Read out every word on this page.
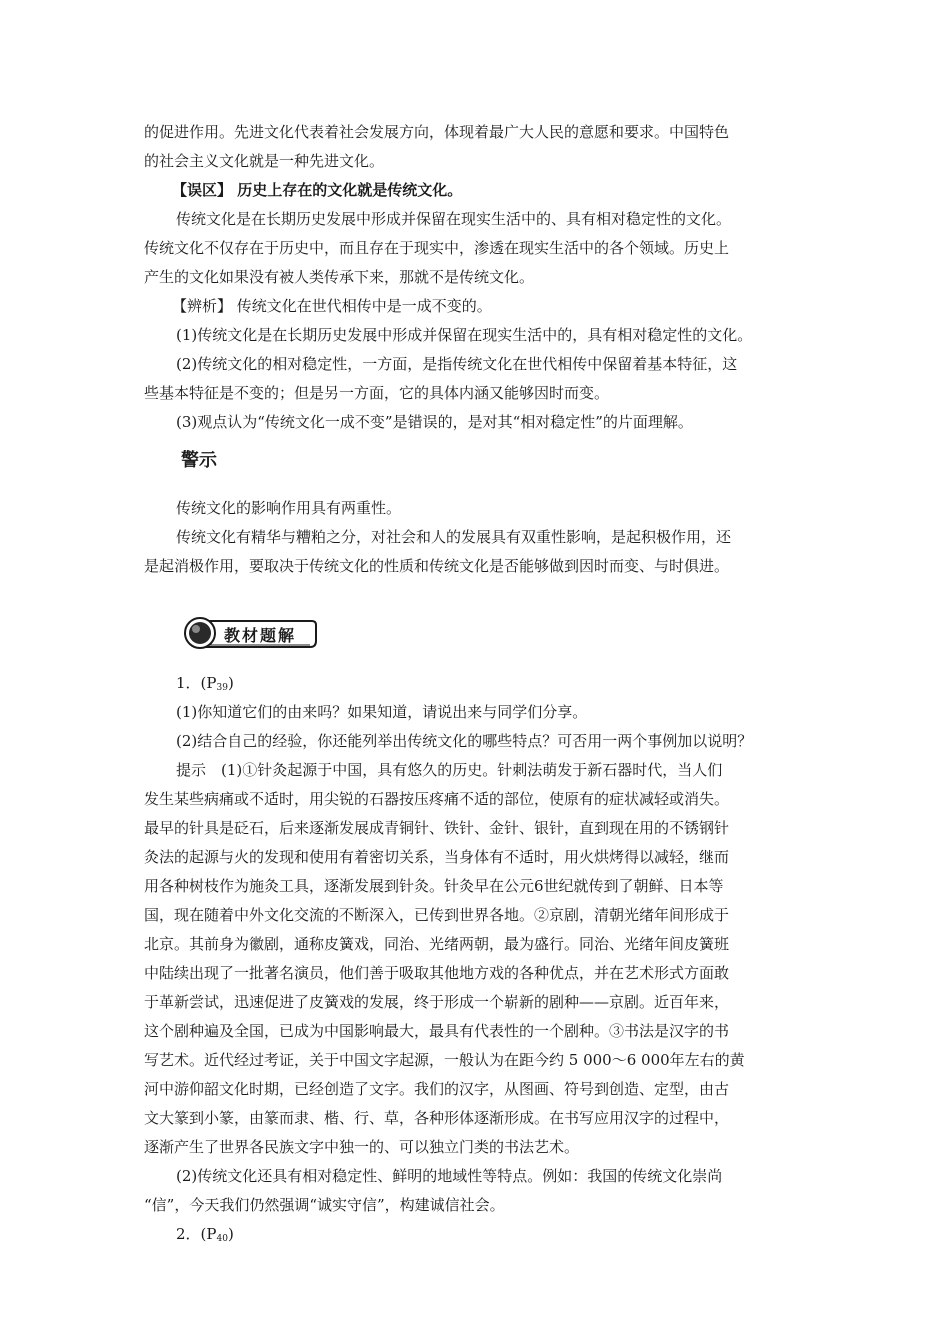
的促进作用。先进文化代表着社会发展方向，体现着最广大人民的意愿和要求。中国特色
的社会主义文化就是一种先进文化。
【误区】 历史上存在的文化就是传统文化。
传统文化是在长期历史发展中形成并保留在现实生活中的、具有相对稳定性的文化。
传统文化不仅存在于历史中，而且存在于现实中，渗透在现实生活中的各个领域。历史上
产生的文化如果没有被人类传承下来，那就不是传统文化。
【辨析】 传统文化在世代相传中是一成不变的。
(1)传统文化是在长期历史发展中形成并保留在现实生活中的，具有相对稳定性的文化。
(2)传统文化的相对稳定性，一方面，是指传统文化在世代相传中保留着基本特征，这
些基本特征是不变的；但是另一方面，它的具体内涵又能够因时而变。
(3)观点认为“传统文化一成不变”是错误的，是对其“相对稳定性”的片面理解。
警示
传统文化的影响作用具有两重性。
传统文化有精华与糟粕之分，对社会和人的发展具有双重性影响，是起积极作用，还
是起消极作用，要取决于传统文化的性质和传统文化是否能够做到因时而变、与时俱进。
教材题解
1．$(P_{39})$
(1)你知道它们的由来吗？如果知道，请说出来与同学们分享。
(2)结合自己的经验，你还能列举出传统文化的哪些特点？可否用一两个事例加以说明？
提示　(1)①针灸起源于中国，具有悠久的历史。针刺法萌发于新石器时代，当人们
发生某些病痛或不适时，用尖锐的石器按压疼痛不适的部位，使原有的症状减轻或消失。
最早的针具是砭石，后来逐渐发展成青铜针、铁针、金针、银针，直到现在用的不锈钢针
灸法的起源与火的发现和使用有着密切关系，当身体有不适时，用火烘烤得以减轻，继而
用各种树枝作为施灸工具，逐渐发展到针灸。针灸早在公元6世纪就传到了朝鲜、日本等
国，现在随着中外文化交流的不断深入，已传到世界各地。②京剧，清朝光绪年间形成于
北京。其前身为徽剧，通称皮簧戏，同治、光绪两朝，最为盛行。同治、光绪年间皮簧班
中陆续出现了一批著名演员，他们善于吸取其他地方戏的各种优点，并在艺术形式方面敢
于革新尝试，迅速促进了皮簧戏的发展，终于形成一个崭新的剧种——京剧。近百年来，
这个剧种遍及全国，已成为中国影响最大，最具有代表性的一个剧种。③书法是汉字的书
写艺术。近代经过考证，关于中国文字起源，一般认为在距今约 5 000～6 000年左右的黄
河中游仰韶文化时期，已经创造了文字。我们的汉字，从图画、符号到创造、定型，由古
文大篆到小篆，由篆而隶、楷、行、草，各种形体逐渐形成。在书写应用汉字的过程中，
逐渐产生了世界各民族文字中独一的、可以独立门类的书法艺术。
(2)传统文化还具有相对稳定性、鲜明的地域性等特点。例如：我国的传统文化崇尚
“信”，今天我们仍然强调“诚实守信”，构建诚信社会。
2．$(P_{40})$
